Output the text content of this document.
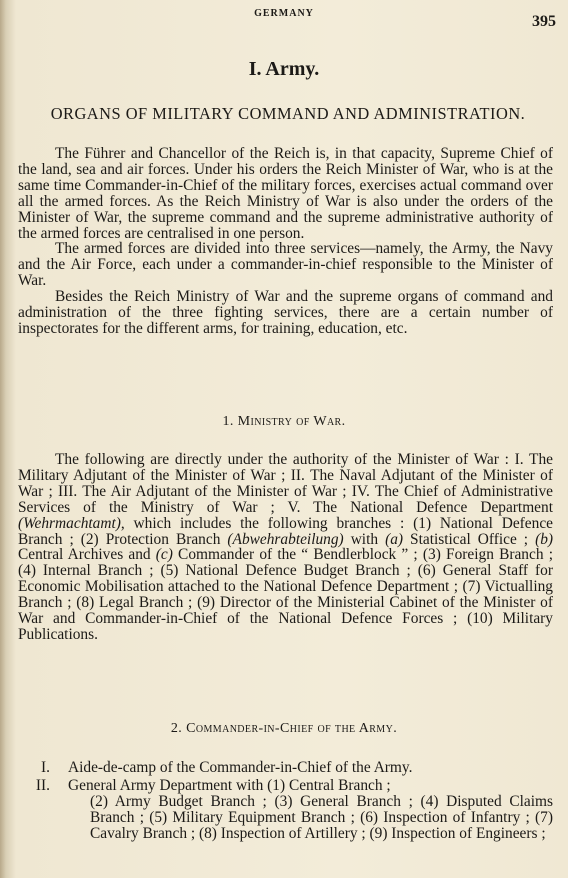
GERMANY	395
I. Army.
ORGANS OF MILITARY COMMAND AND ADMINISTRATION.

The Führer and Chancellor of the Reich is, in that capacity, Supreme Chief of the land, sea and air forces. Under his orders the Reich Minister of War, who is at the same time Commander-in-Chief of the military forces, exercises actual command over all the armed forces. As the Reich Ministry of War is also under the orders of the Minister of War, the supreme command and the supreme administrative authority of the armed forces are centralised in one person.

The armed forces are divided into three services—namely, the Army, the Navy and the Air Force, each under a commander-in-chief responsible to the Minister of War.

Besides the Reich Ministry of War and the supreme organs of command and administration of the three fighting services, there are a certain number of inspectorates for the different arms, for training, education, etc.

1. Ministry of War.

The following are directly under the authority of the Minister of War : I. The Military Adjutant of the Minister of War ; II. The Naval Adjutant of the Minister of War ; III. The Air Adjutant of the Minister of War ; IV. The Chief of Administrative Services of the Ministry of War ; V. The National Defence Department (Wehrmachtamt), which includes the following branches : (1) National Defence Branch ; (2) Protection Branch (Abwehrabteilung) with (a) Statistical Office ; (b) Central Archives and (c) Commander of the “ Bendlerblock ” ; (3) Foreign Branch ; (4) Internal Branch ; (5) National Defence Budget Branch ; (6) General Staff for Economic Mobilisation attached to the National Defence Department ; (7) Victualling Branch ; (8) Legal Branch ; (9) Director of the Ministerial Cabinet of the Minister of War and Commander-in-Chief of the National Defence Forces ; (10) Military Publications.

2. Commander-in-Chief of the Army.
I.	Aide-de-camp of the Commander-in-Chief of the Army.
II.	General Army Department with (1) Central Branch ;
(2) Army Budget Branch ; (3) General Branch ; (4) Disputed Claims Branch ; (5) Military Equipment Branch ; (6) Inspection of Infantry ; (7) Cavalry Branch ; (8) Inspection of Artillery ; (9) Inspection of Engineers ;
